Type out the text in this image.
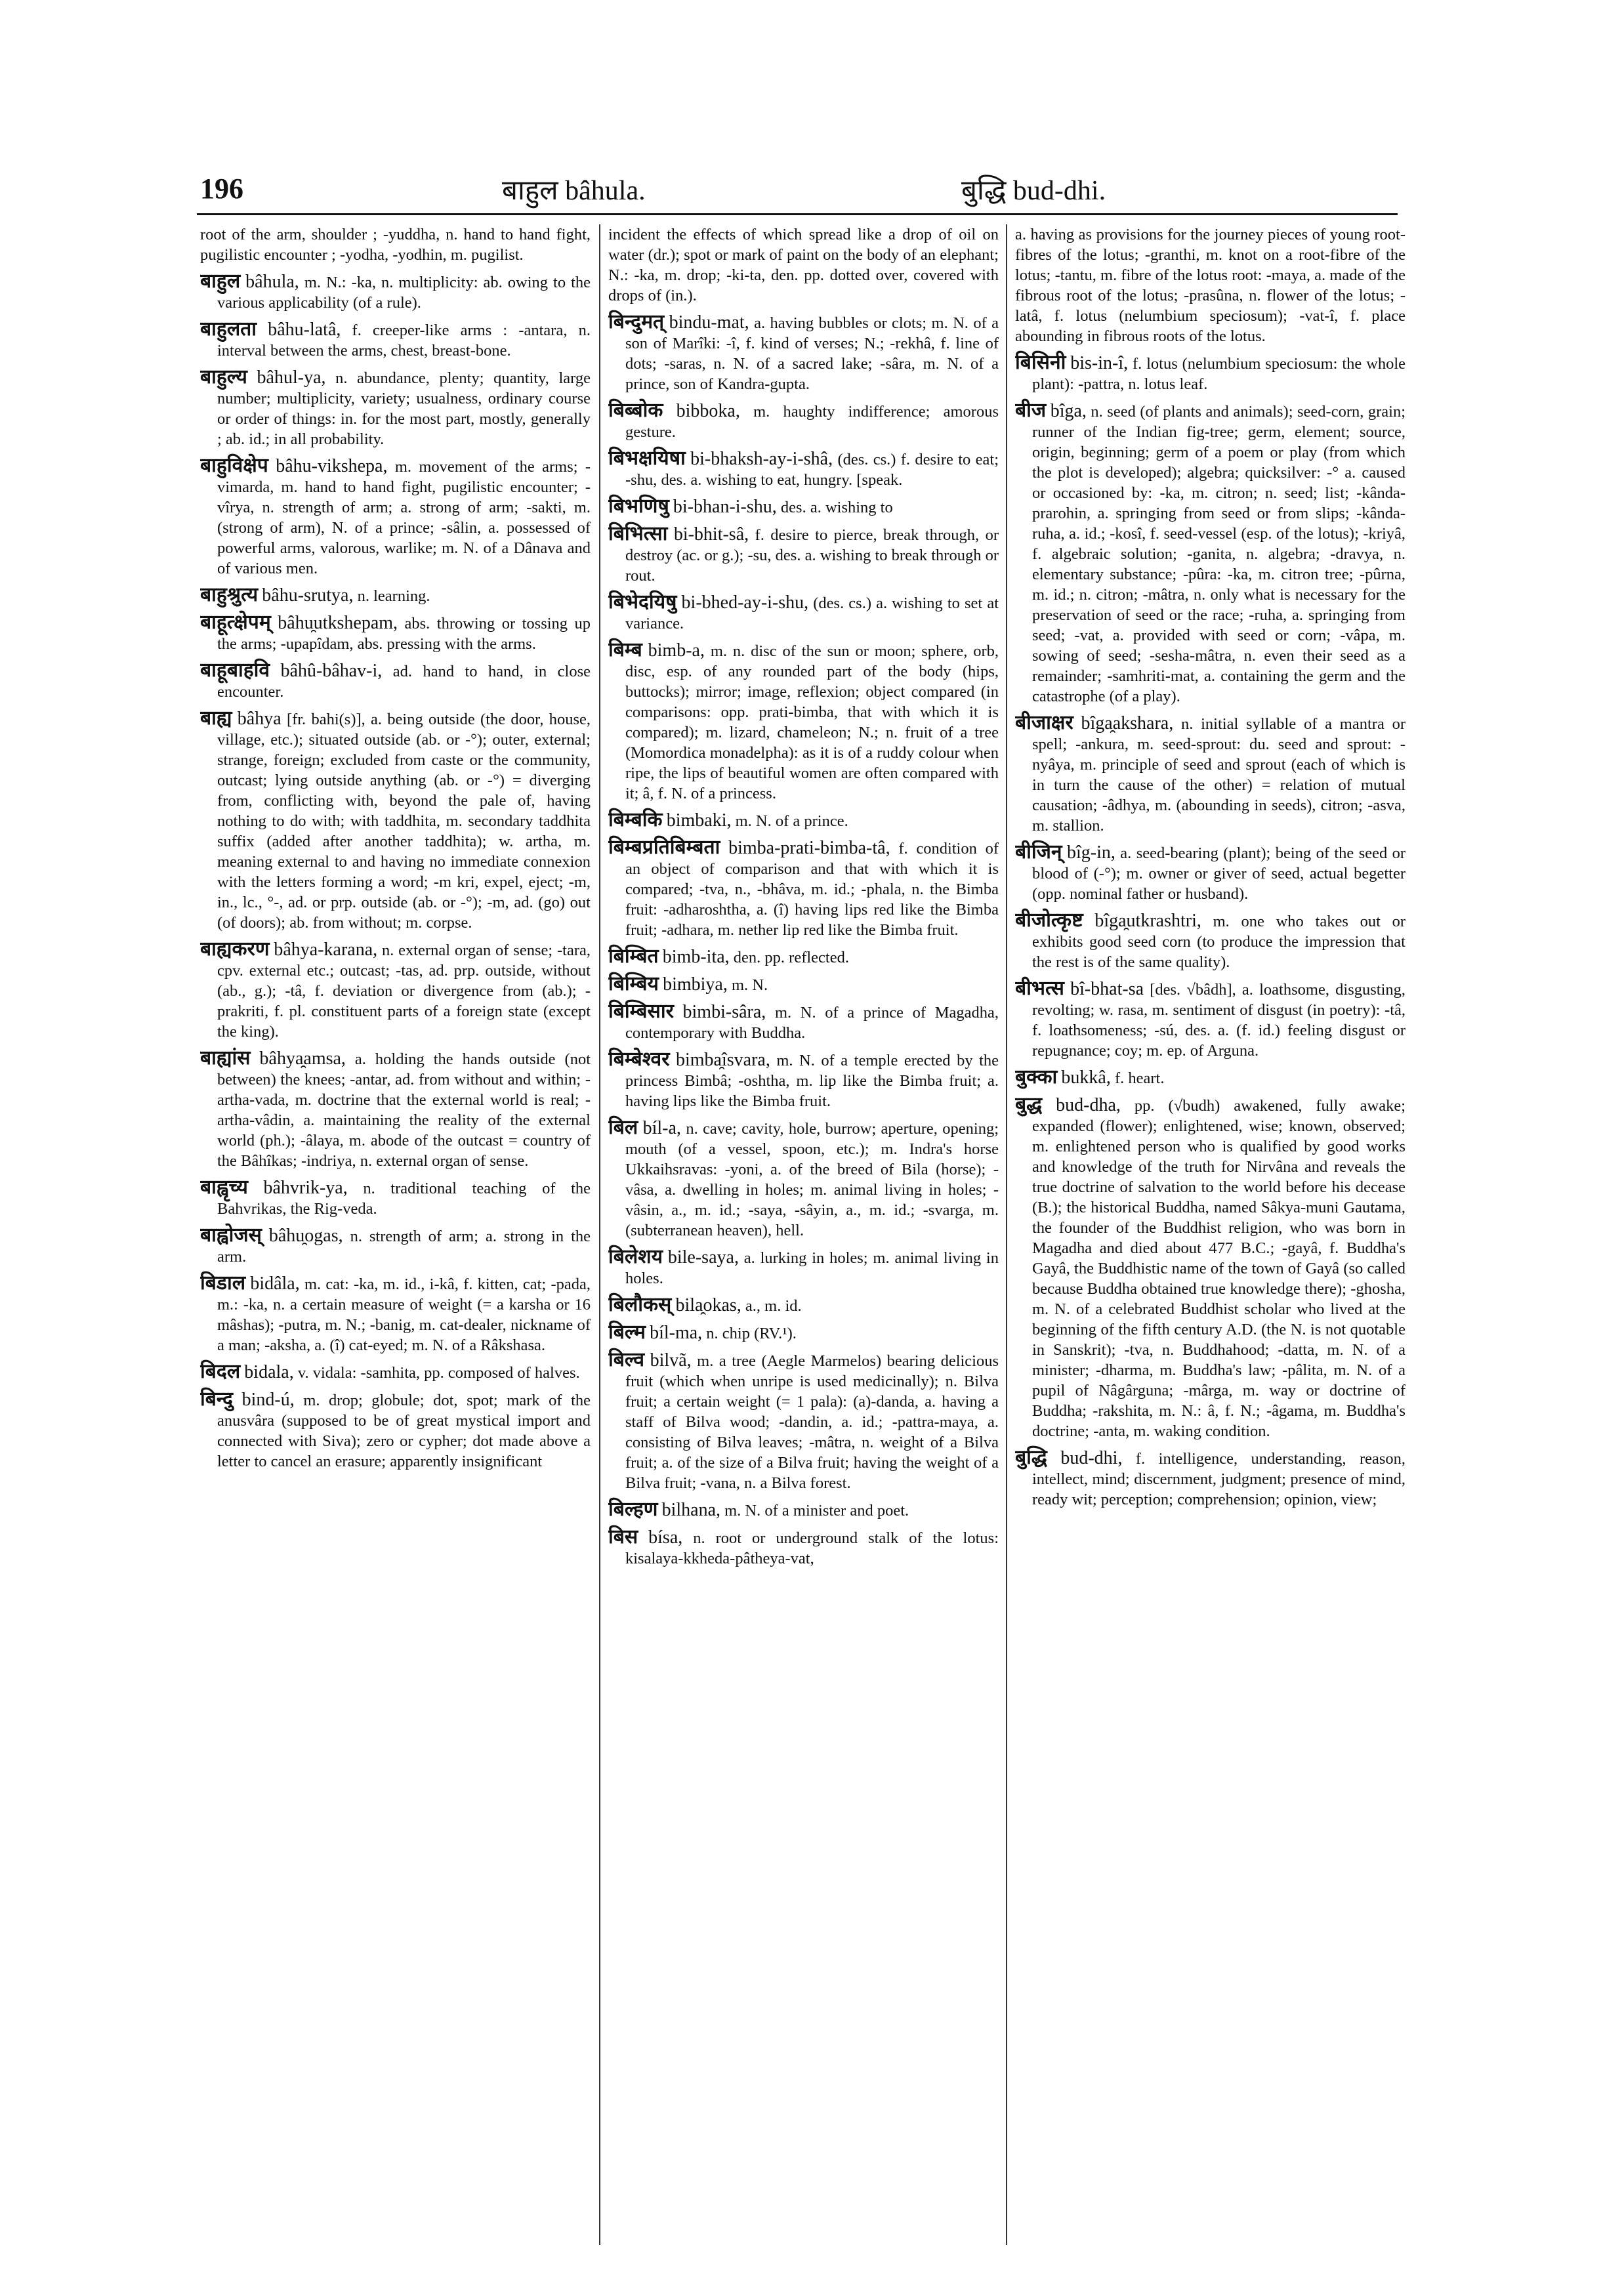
196	बाहुल bâhula.	बुद्धि bud-dhi.

root of the arm, shoulder ; -yuddha, n. hand to hand fight, pugilistic encounter ; -yodha, -yodhin, m. pugilist.

बाहुल bâhula, m. N.: -ka, n. multiplicity: ab. owing to the various applicability (of a rule).

बाहुलता bâhu-latâ, f. creeper-like arms : -antara, n. interval between the arms, chest, breast-bone.

बाहुल्य bâhul-ya, n. abundance, plenty; quantity, large number; multiplicity, variety; usualness, ordinary course or order of things: in. for the most part, mostly, generally ; ab. id.; in all probability.

बाहुविक्षेप bâhu-vikshepa, m. movement of the arms; -vimarda, m. hand to hand fight, pugilistic encounter; -vîrya, n. strength of arm; a. strong of arm; -sakti, m. (strong of arm), N. of a prince; -sâlin, a. possessed of powerful arms, valorous, warlike; m. N. of a Dânava and of various men.

बाहुश्रुत्य bâhu-srutya, n. learning.

बाहूत्क्षेपम् bâhu̯utkshepam, abs. throwing or tossing up the arms; -upapîdam, abs. pressing with the arms.

बाहूबाहवि bâhû-bâhav-i, ad. hand to hand, in close encounter.

बाह्य bâhya [fr. bahi(s)], a. being outside (the door, house, village, etc.); situated outside (ab. or -°); outer, external; strange, foreign; excluded from caste or the community, outcast; lying outside anything (ab. or -°) = diverging from, conflicting with, beyond the pale of, having nothing to do with; with taddhita, m. secondary taddhita suffix (added after another taddhita); w. artha, m. meaning external to and having no immediate connexion with the letters forming a word; -m kri, expel, eject; -m, in., lc., °-, ad. or prp. outside (ab. or -°); -m, ad. (go) out (of doors); ab. from without; m. corpse.

बाह्यकरण bâhya-karana, n. external organ of sense; -tara, cpv. external etc.; outcast; -tas, ad. prp. outside, without (ab., g.); -tâ, f. deviation or divergence from (ab.); -prakriti, f. pl. constituent parts of a foreign state (except the king).

बाह्यांस bâhya̯amsa, a. holding the hands outside (not between) the knees; -antar, ad. from without and within; -artha-vada, m. doctrine that the external world is real; -artha-vâdin, a. maintaining the reality of the external world (ph.); -âlaya, m. abode of the outcast = country of the Bâhîkas; -indriya, n. external organ of sense.

बाह्वृच्य bâhvrik-ya, n. traditional teaching of the Bahvrikas, the Rig-veda.

बाह्वोजस् bâhu̯ogas, n. strength of arm; a. strong in the arm.

बिडाल bidâla, m. cat: -ka, m. id., i-kâ, f. kitten, cat; -pada, m.: -ka, n. a certain measure of weight (= a karsha or 16 mâshas); -putra, m. N.; -banig, m. cat-dealer, nickname of a man; -aksha, a. (î) cat-eyed; m. N. of a Râkshasa.

बिदल bidala, v. vidala: -samhita, pp. composed of halves.

बिन्दु bind-ú, m. drop; globule; dot, spot; mark of the anusvâra (supposed to be of great mystical import and connected with Siva); zero or cypher; dot made above a letter to cancel an erasure; apparently insignificant

incident the effects of which spread like a drop of oil on water (dr.); spot or mark of paint on the body of an elephant; N.: -ka, m. drop; -ki-ta, den. pp. dotted over, covered with drops of (in.).

बिन्दुमत् bindu-mat, a. having bubbles or clots; m. N. of a son of Marîki: -î, f. kind of verses; N.; -rekhâ, f. line of dots; -saras, n. N. of a sacred lake; -sâra, m. N. of a prince, son of Kandra-gupta.

बिब्बोक bibboka, m. haughty indifference; amorous gesture.

बिभक्षयिषा bi-bhaksh-ay-i-shâ, (des. cs.) f. desire to eat; -shu, des. a. wishing to eat, hungry. [speak.

बिभणिषु bi-bhan-i-shu, des. a. wishing to

बिभित्सा bi-bhit-sâ, f. desire to pierce, break through, or destroy (ac. or g.); -su, des. a. wishing to break through or rout.

बिभेदयिषु bi-bhed-ay-i-shu, (des. cs.) a. wishing to set at variance.

बिम्ब bimb-a, m. n. disc of the sun or moon; sphere, orb, disc, esp. of any rounded part of the body (hips, buttocks); mirror; image, reflexion; object compared (in comparisons: opp. prati-bimba, that with which it is compared); m. lizard, chameleon; N.; n. fruit of a tree (Momordica monadelpha): as it is of a ruddy colour when ripe, the lips of beautiful women are often compared with it; â, f. N. of a princess.

बिम्बकि bimbaki, m. N. of a prince.

बिम्बप्रतिबिम्बता bimba-prati-bimba-tâ, f. condition of an object of comparison and that with which it is compared; -tva, n., -bhâva, m. id.; -phala, n. the Bimba fruit: -adharoshtha, a. (î) having lips red like the Bimba fruit; -adhara, m. nether lip red like the Bimba fruit.

बिम्बित bimb-ita, den. pp. reflected.

बिम्बिय bimbiya, m. N.

बिम्बिसार bimbi-sâra, m. N. of a prince of Magadha, contemporary with Buddha.

बिम्बेश्वर bimba̯îsvara, m. N. of a temple erected by the princess Bimbâ; -oshtha, m. lip like the Bimba fruit; a. having lips like the Bimba fruit.

बिल bíl-a, n. cave; cavity, hole, burrow; aperture, opening; mouth (of a vessel, spoon, etc.); m. Indra's horse Ukkaihsravas: -yoni, a. of the breed of Bila (horse); -vâsa, a. dwelling in holes; m. animal living in holes; -vâsin, a., m. id.; -saya, -sâyin, a., m. id.; -svarga, m. (subterranean heaven), hell.

बिलेशय bile-saya, a. lurking in holes; m. animal living in holes.

बिलौकस् bila̯okas, a., m. id.

बिल्म bíl-ma, n. chip (RV.¹).

बिल्व bilvã, m. a tree (Aegle Marmelos) bearing delicious fruit (which when unripe is used medicinally); n. Bilva fruit; a certain weight (= 1 pala): (a)-danda, a. having a staff of Bilva wood; -dandin, a. id.; -pattra-maya, a. consisting of Bilva leaves; -mâtra, n. weight of a Bilva fruit; a. of the size of a Bilva fruit; having the weight of a Bilva fruit; -vana, n. a Bilva forest.

बिल्हण bilhana, m. N. of a minister and poet.

बिस bísa, n. root or underground stalk of the lotus: kisalaya-kkheda-pâtheya-vat,

a. having as provisions for the journey pieces of young root-fibres of the lotus; -granthi, m. knot on a root-fibre of the lotus; -tantu, m. fibre of the lotus root: -maya, a. made of the fibrous root of the lotus; -prasûna, n. flower of the lotus; -latâ, f. lotus (nelumbium speciosum); -vat-î, f. place abounding in fibrous roots of the lotus.

बिसिनी bis-in-î, f. lotus (nelumbium speciosum: the whole plant): -pattra, n. lotus leaf.

बीज bîga, n. seed (of plants and animals); seed-corn, grain; runner of the Indian fig-tree; germ, element; source, origin, beginning; germ of a poem or play (from which the plot is developed); algebra; quicksilver: -° a. caused or occasioned by: -ka, m. citron; n. seed; list; -kânda-prarohin, a. springing from seed or from slips; -kânda-ruha, a. id.; -kosî, f. seed-vessel (esp. of the lotus); -kriyâ, f. algebraic solution; -ganita, n. algebra; -dravya, n. elementary substance; -pûra: -ka, m. citron tree; -pûrna, m. id.; n. citron; -mâtra, n. only what is necessary for the preservation of seed or the race; -ruha, a. springing from seed; -vat, a. provided with seed or corn; -vâpa, m. sowing of seed; -sesha-mâtra, n. even their seed as a remainder; -samhriti-mat, a. containing the germ and the catastrophe (of a play).

बीजाक्षर bîga̯akshara, n. initial syllable of a mantra or spell; -ankura, m. seed-sprout: du. seed and sprout: -nyâya, m. principle of seed and sprout (each of which is in turn the cause of the other) = relation of mutual causation; -âdhya, m. (abounding in seeds), citron; -asva, m. stallion.

बीजिन् bîg-in, a. seed-bearing (plant); being of the seed or blood of (-°); m. owner or giver of seed, actual begetter (opp. nominal father or husband).

बीजोत्कृष्ट bîga̯utkrashtri, m. one who takes out or exhibits good seed corn (to produce the impression that the rest is of the same quality).

बीभत्स bî-bhat-sa [des. √bâdh], a. loathsome, disgusting, revolting; w. rasa, m. sentiment of disgust (in poetry): -tâ, f. loathsomeness; -sú, des. a. (f. id.) feeling disgust or repugnance; coy; m. ep. of Arguna.

बुक्का bukkâ, f. heart.

बुद्ध bud-dha, pp. (√budh) awakened, fully awake; expanded (flower); enlightened, wise; known, observed; m. enlightened person who is qualified by good works and knowledge of the truth for Nirvâna and reveals the true doctrine of salvation to the world before his decease (B.); the historical Buddha, named Sâkya-muni Gautama, the founder of the Buddhist religion, who was born in Magadha and died about 477 B.C.; -gayâ, f. Buddha's Gayâ, the Buddhistic name of the town of Gayâ (so called because Buddha obtained true knowledge there); -ghosha, m. N. of a celebrated Buddhist scholar who lived at the beginning of the fifth century A.D. (the N. is not quotable in Sanskrit); -tva, n. Buddhahood; -datta, m. N. of a minister; -dharma, m. Buddha's law; -pâlita, m. N. of a pupil of Nâgârguna; -mârga, m. way or doctrine of Buddha; -rakshita, m. N.: â, f. N.; -âgama, m. Buddha's doctrine; -anta, m. waking condition.

बुद्धि bud-dhi, f. intelligence, understanding, reason, intellect, mind; discernment, judgment; presence of mind, ready wit; perception; comprehension; opinion, view;
